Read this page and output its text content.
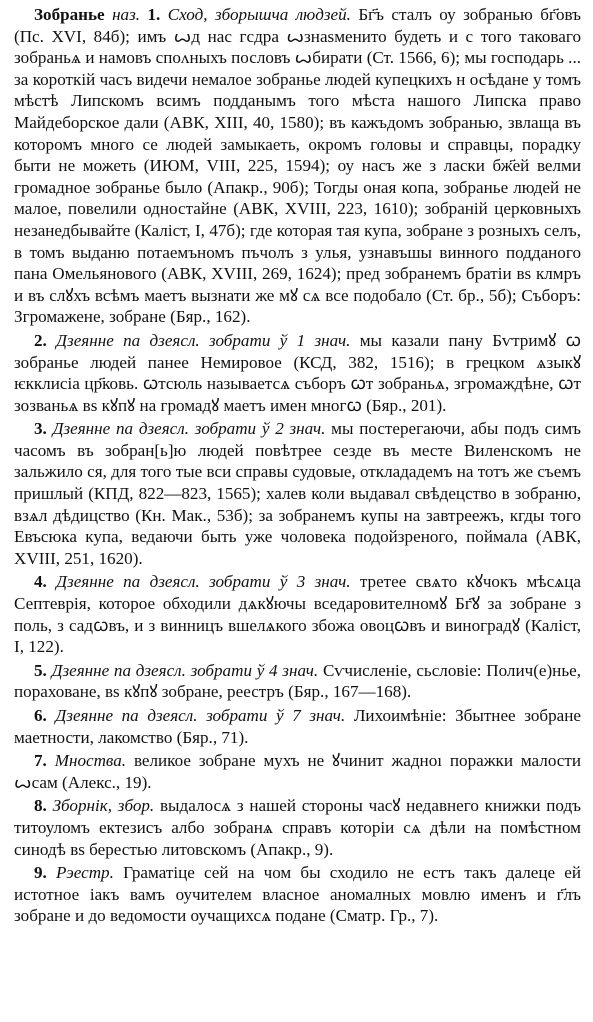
Зобранье наз. 1. Сход, зборышча людзей. Бг҃ъ сталъ оу зобранью бг҃овъ (Пс. XVI, 84б); имъ ꙍд нас гсдра ꙍзнаѕменито будеть и с того таковаго зобраньѧ и намовъ споʌныхъ пословъ ꙍбирати (Ст. 1566, 6); мы господарь ... за короткій часъ видечи немалое зобранье людей купецкихъ н осѣдане у томъ мѣстѣ Липскомъ всимъ подданымъ того мѣста нашого Липска право Майдеборское дали (АВК, XIII, 40, 1580); въ кажъдомъ зобранью, звлаща въ которомъ много се людей замыкаеть, окромъ головы и справцы, порадку быти не можеть (ИЮМ, VIII, 225, 1594); оу насъ же з ласки бж҃ей велми громадное зобранье было (Апакр., 90б); Тогды оная копа, зобранье людей не малое, повелили одностайне (АВК, XVIII, 223, 1610); зобраній церковныхъ незанедбывайте (Каліст, I, 47б); где которая тая купа, зобране з розныхъ селъ, в томъ выданю потаемъномъ пъчолъ з улья, узнавъшы винного подданого пана Омельянового (АВК, XVIII, 269, 1624); пред зобранемъ братіи вѕ клмръ и въ слꙋхъ всѣмъ маетъ вызнати же мꙋ сѧ все подобало (Ст. бр., 5б); Съборъ: Згромажене, зобране (Бяр., 162).

2. Дзеянне па дзеясл. зобрати ў 1 знач. мы казали пану Бѵтримꙋ ꙍ зобранье людей панее Немировое (КСД, 382, 1516); в грецком ѧзыкꙋ ѥкклисіа цр҃ковь. ꙍтсюль называетсѧ съборъ ꙍт зобраньѧ, згромаждѣне, ꙍт зозваньѧ вѕ кꙋпꙋ на громадꙋ маетъ имен многꙍ (Бяр., 201).

3. Дзеянне па дзеясл. зобрати ў 2 знач. мы постерегаючи, абы подъ симъ часомъ въ зобран[ь]ю людей повѣтрее сезде въ месте Виленскомъ не зальжило ся, для того тые вси справы судовые, отклададемъ на тотъ же съемъ пришлый (КПД, 822—823, 1565); халев коли выдавал свѣдецство в зобраню, взѧл дѣдицство (Кн. Мак., 53б); за зобранемъ купы на завтреежъ, кгды того Евъсюка купа, ведаючи быть уже чоловека подойзреного, поймала (АВК, XVIII, 251, 1620).

4. Дзеянне па дзеясл. зобрати ў 3 знач. третее свѧто кꙋчокъ мѣсѧца Септеврія, которое обходили дѧкꙋючы вседаровителномꙋ Бг҃ꙋ за зобране з поль, з садꙍвъ, и з винницъ вшелѧкого збожа овоцꙍвъ и виноградꙋ (Каліст, I, 122).

5. Дзеянне па дзеясл. зобрати ў 4 знач. Сѵчисленіе, сьсловіе: Полич(е)нье, пораховане, вѕ кꙋпꙋ зобране, реестръ (Бяр., 167—168).

6. Дзеянне па дзеясл. зобрати ў 7 знач. Лихоимѣніе: Збытнее зобране маетности, лакомство (Бяр., 71).

7. Мноства. великое зобране мухъ не ꙋчинит жадноı поражки малости ꙍсам (Алекс., 19).

8. Зборнік, збор. выдалосѧ з нашей стороны часꙋ недавнего книжки подъ титоуломъ ектезисъ албо зобранѧ справъ которіи сѧ дѣли на помѣстном синодѣ вѕ берестью литовскомъ (Апакр., 9).

9. Рэестр. Граматіце сей на чом бы сходило не естъ такъ далеце ей истотное іакъ вамъ оучителем власное аномалных мовлю именъ и г҃лъ зобране и до ведомости оучащихсѧ подане (Сматр. Гр., 7).
